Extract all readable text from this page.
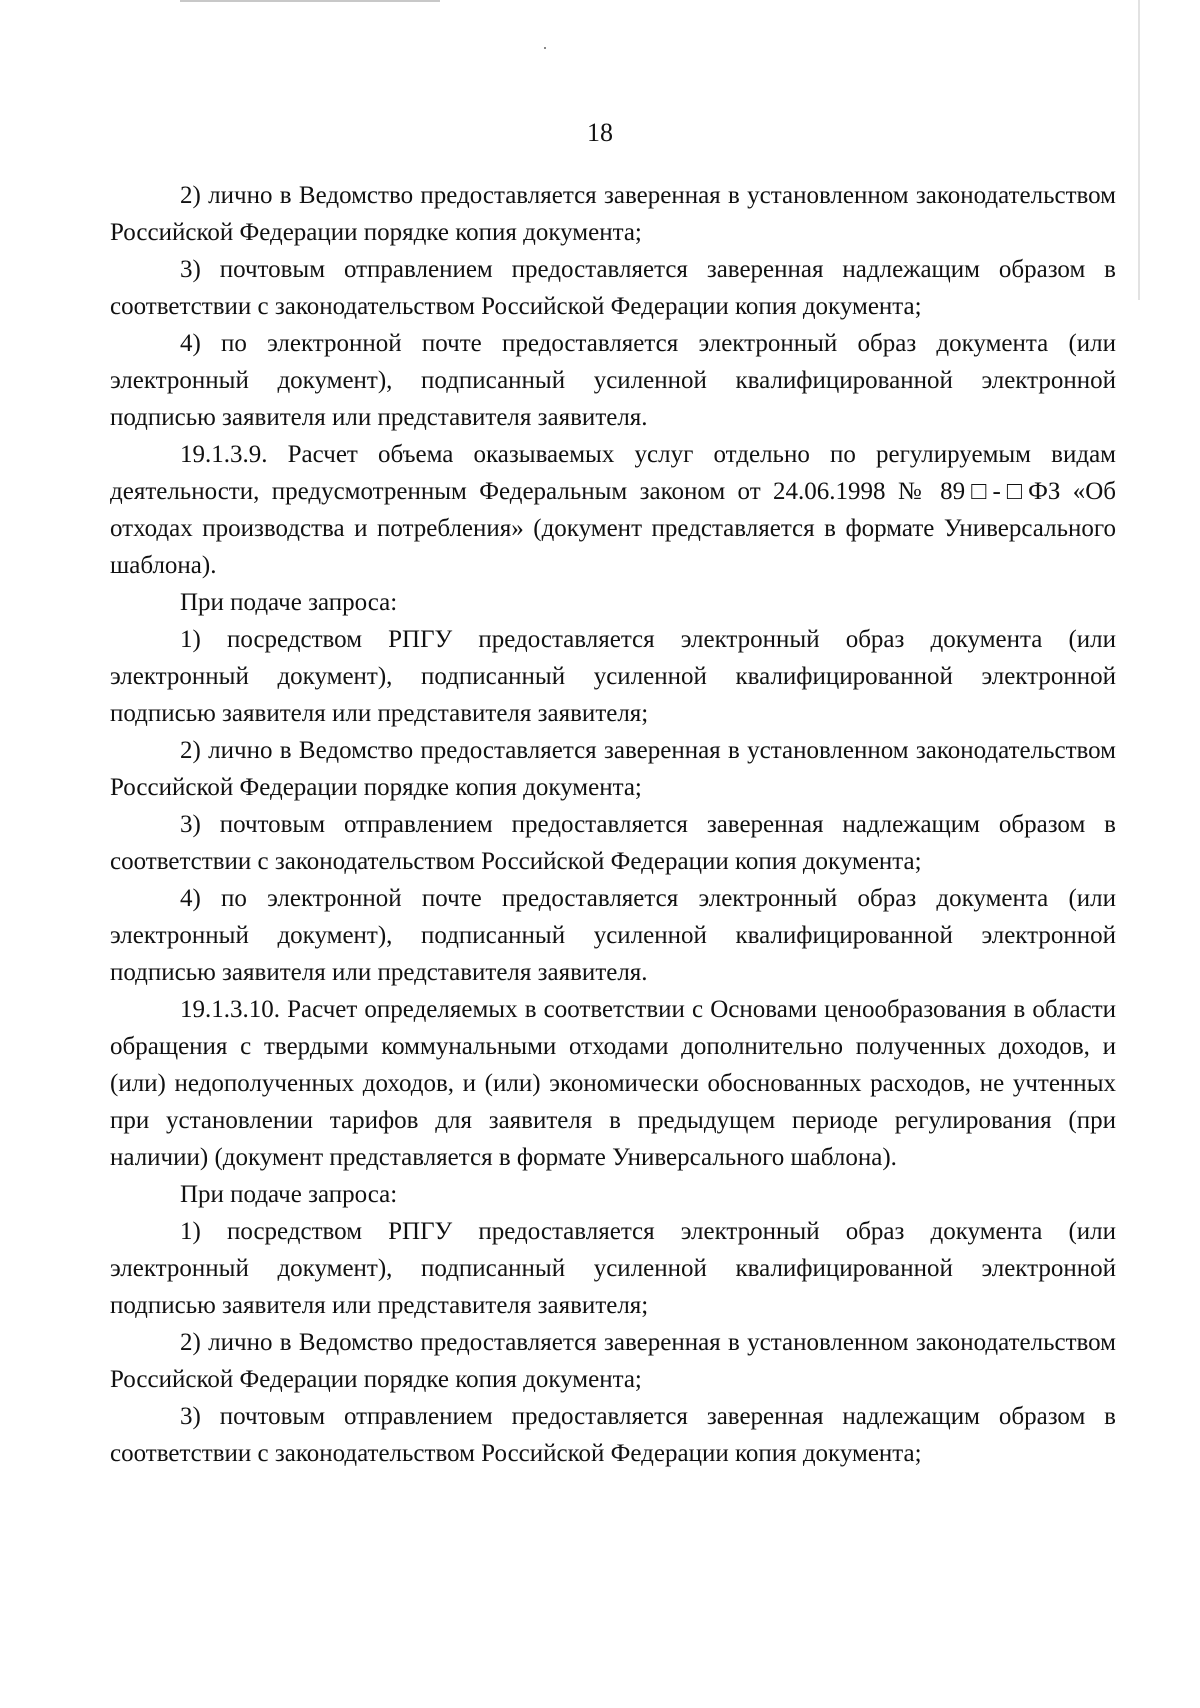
18

2) лично в Ведомство предоставляется заверенная в установленном законодательством Российской Федерации порядке копия документа;

3) почтовым отправлением предоставляется заверенная надлежащим образом в соответствии с законодательством Российской Федерации копия документа;

4) по электронной почте предоставляется электронный образ документа (или электронный документ), подписанный усиленной квалифицированной электронной подписью заявителя или представителя заявителя.

19.1.3.9. Расчет объема оказываемых услуг отдельно по регулируемым видам деятельности, предусмотренным Федеральным законом от 24.06.1998 № 89□-□ФЗ «Об отходах производства и потребления» (документ представляется в формате Универсального шаблона).

При подаче запроса:

1) посредством РПГУ предоставляется электронный образ документа (или электронный документ), подписанный усиленной квалифицированной электронной подписью заявителя или представителя заявителя;

2) лично в Ведомство предоставляется заверенная в установленном законодательством Российской Федерации порядке копия документа;

3) почтовым отправлением предоставляется заверенная надлежащим образом в соответствии с законодательством Российской Федерации копия документа;

4) по электронной почте предоставляется электронный образ документа (или электронный документ), подписанный усиленной квалифицированной электронной подписью заявителя или представителя заявителя.

19.1.3.10. Расчет определяемых в соответствии с Основами ценообразования в области обращения с твердыми коммунальными отходами дополнительно полученных доходов, и (или) недополученных доходов, и (или) экономически обоснованных расходов, не учтенных при установлении тарифов для заявителя в предыдущем периоде регулирования (при наличии) (документ представляется в формате Универсального шаблона).

При подаче запроса:

1) посредством РПГУ предоставляется электронный образ документа (или электронный документ), подписанный усиленной квалифицированной электронной подписью заявителя или представителя заявителя;

2) лично в Ведомство предоставляется заверенная в установленном законодательством Российской Федерации порядке копия документа;

3) почтовым отправлением предоставляется заверенная надлежащим образом в соответствии с законодательством Российской Федерации копия документа;
